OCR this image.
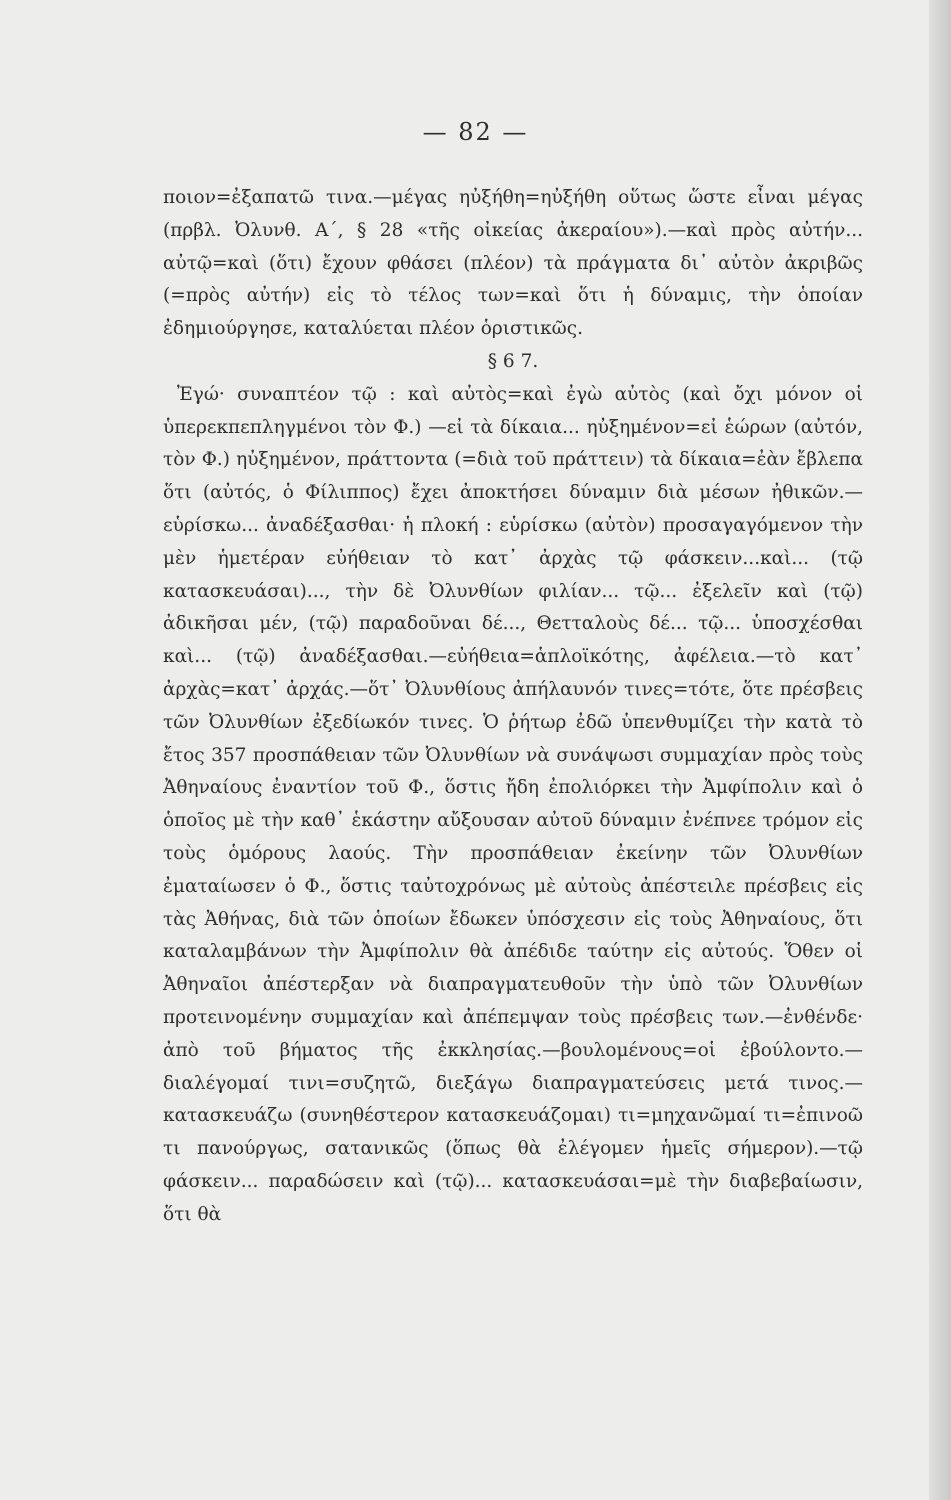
— 82 —

ποιον=ἐξαπατῶ τινα.—μέγας ηὐξήθη=ηὐξήθη οὕτως ὥστε εἶναι μέγας (πρβλ. Ὀλυνθ. Α΄, § 28 «τῆς οἰκείας ἀκεραίου»).—καὶ πρὸς αὐτήν... αὐτῷ=καὶ (ὅτι) ἔχουν φθάσει (πλέον) τὰ πράγματα δι᾽ αὐτὸν ἀκριβῶς (=πρὸς αὐτήν) εἰς τὸ τέλος των=καὶ ὅτι ἡ δύναμις, τὴν ὁποίαν ἐδημιούργησε, καταλύεται πλέον ὁριστικῶς.

§ 6 7.

Ἐγώ· συναπτέον τῷ : καὶ αὐτὸς=καὶ ἐγὼ αὐτὸς (καὶ ὄχι μόνον οἱ ὑπερεκπεπληγμένοι τὸν Φ.) —εἰ τὰ δίκαια... ηὐξημένον=εἰ ἑώρων (αὐτόν, τὸν Φ.) ηὐξημένον, πράττοντα (=διὰ τοῦ πράττειν) τὰ δίκαια=ἐὰν ἔβλεπα ὅτι (αὐτός, ὁ Φίλιππος) ἔχει ἀποκτήσει δύναμιν διὰ μέσων ἠθικῶν.—εὑρίσκω... ἀναδέξασθαι· ἡ πλοκή : εὑρίσκω (αὐτὸν) προσαγαγόμενον τὴν μὲν ἡμετέραν εὐήθειαν τὸ κατ᾽ ἀρχὰς τῷ φάσκειν...καὶ... (τῷ κατασκευάσαι)..., τὴν δὲ Ὀλυνθίων φιλίαν... τῷ... ἐξελεῖν καὶ (τῷ) ἀδικῆσαι μέν, (τῷ) παραδοῦναι δέ..., Θετταλοὺς δέ... τῷ... ὑποσχέσθαι καὶ... (τῷ) ἀναδέξασθαι.—εὐήθεια=ἁπλοϊκότης, ἀφέλεια.—τὸ κατ᾽ ἀρχὰς=κατ᾽ ἀρχάς.—ὅτ᾽ Ὀλυνθίους ἀπήλαυνόν τινες=τότε, ὅτε πρέσβεις τῶν Ὀλυνθίων ἐξεδίωκόν τινες. Ὁ ῥήτωρ ἐδῶ ὑπενθυμίζει τὴν κατὰ τὸ ἔτος 357 προσπάθειαν τῶν Ὀλυνθίων νὰ συνάψωσι συμμαχίαν πρὸς τοὺς Ἀθηναίους ἐναντίον τοῦ Φ., ὅστις ἤδη ἐπολιόρκει τὴν Ἀμφίπολιν καὶ ὁ ὁποῖος μὲ τὴν καθ᾽ ἑκάστην αὔξουσαν αὐτοῦ δύναμιν ἐνέπνεε τρόμον εἰς τοὺς ὁμόρους λαούς. Τὴν προσπάθειαν ἐκείνην τῶν Ὀλυνθίων ἐματαίωσεν ὁ Φ., ὅστις ταὐτοχρόνως μὲ αὐτοὺς ἀπέστειλε πρέσβεις εἰς τὰς Ἀθήνας, διὰ τῶν ὁποίων ἔδωκεν ὑπόσχεσιν εἰς τοὺς Ἀθηναίους, ὅτι καταλαμβάνων τὴν Ἀμφίπολιν θὰ ἀπέδιδε ταύτην εἰς αὐτούς. Ὅθεν οἱ Ἀθηναῖοι ἀπέστερξαν νὰ διαπραγματευθοῦν τὴν ὑπὸ τῶν Ὀλυνθίων προτεινομένην συμμαχίαν καὶ ἀπέπεμψαν τοὺς πρέσβεις των.—ἐνθένδε· ἀπὸ τοῦ βήματος τῆς ἐκκλησίας.—βουλομένους=οἱ ἐβούλοντο.—διαλέγομαί τινι=συζητῶ, διεξάγω διαπραγματεύσεις μετά τινος.—κατασκευάζω (συνηθέστερον κατασκευάζομαι) τι=μηχανῶμαί τι=ἐπινοῶ τι πανούργως, σατανικῶς (ὅπως θὰ ἐλέγομεν ἡμεῖς σήμερον).—τῷ φάσκειν... παραδώσειν καὶ (τῷ)... κατασκευάσαι=μὲ τὴν διαβεβαίωσιν, ὅτι θὰ
